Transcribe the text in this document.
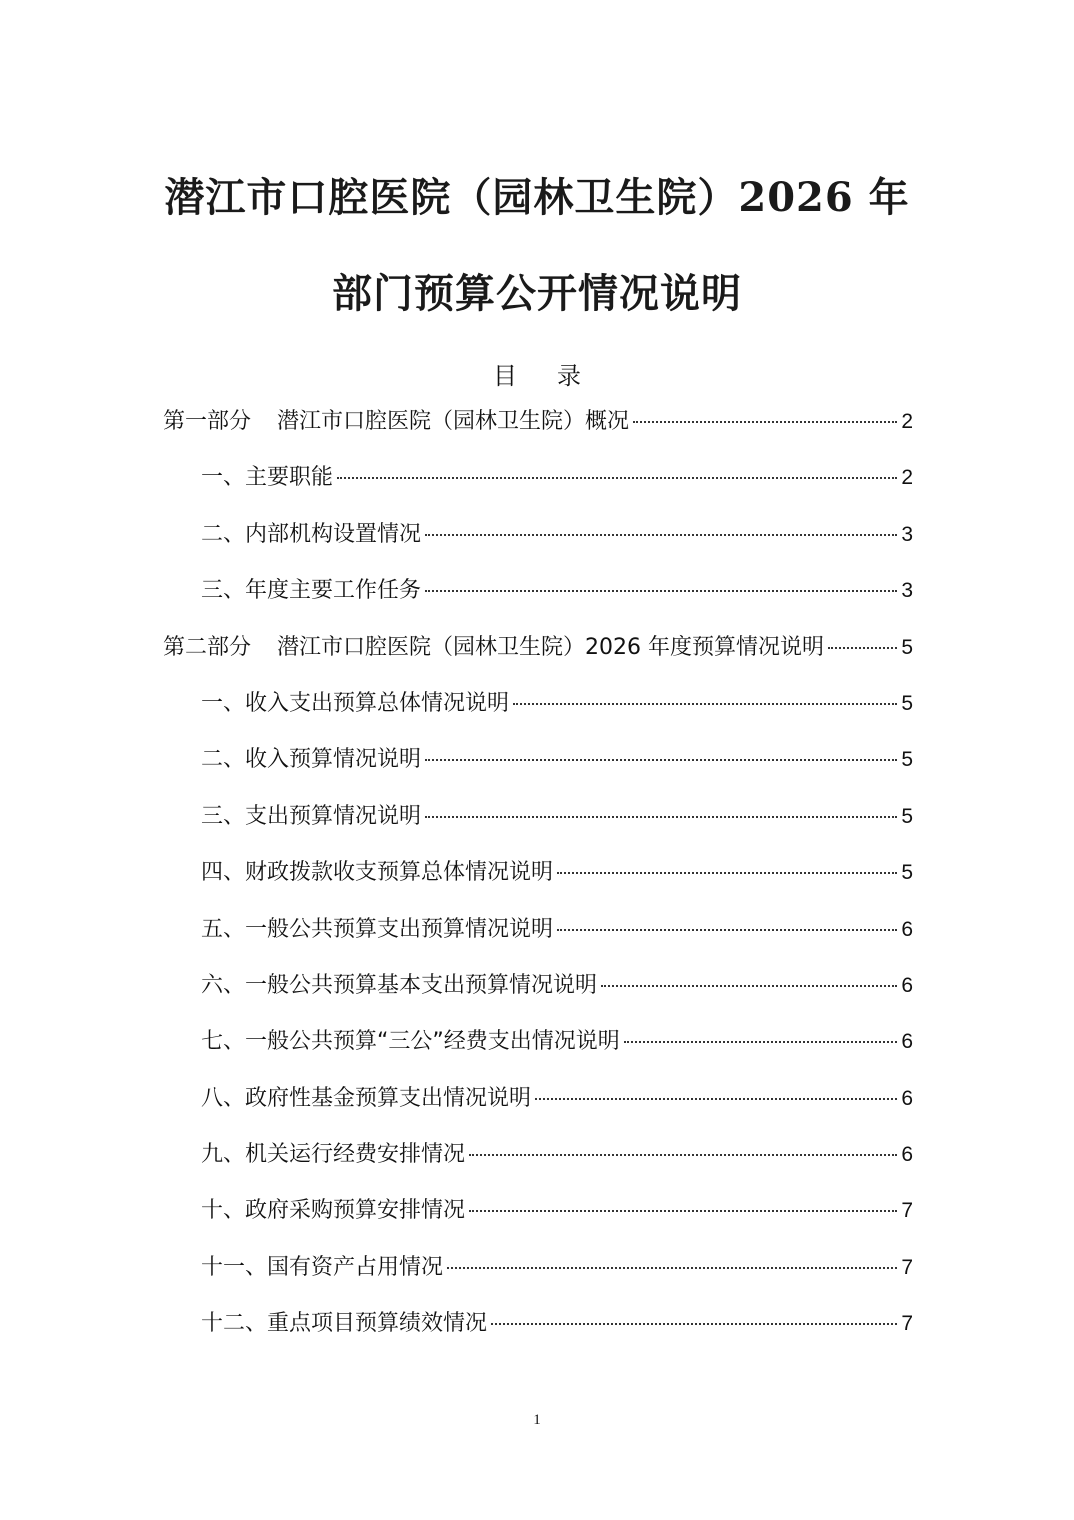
潜江市口腔医院（园林卫生院）2026 年
部门预算公开情况说明
目录
第一部分 潜江市口腔医院（园林卫生院）概况	2
一、主要职能	2
二、内部机构设置情况	3
三、年度主要工作任务	3
第二部分 潜江市口腔医院（园林卫生院）2026 年度预算情况说明	5
一、收入支出预算总体情况说明	5
二、收入预算情况说明	5
三、支出预算情况说明	5
四、财政拨款收支预算总体情况说明	5
五、一般公共预算支出预算情况说明	6
六、一般公共预算基本支出预算情况说明	6
七、一般公共预算“三公”经费支出情况说明	6
八、政府性基金预算支出情况说明	6
九、机关运行经费安排情况	6
十、政府采购预算安排情况	7
十一、国有资产占用情况	7
十二、重点项目预算绩效情况	7
1
